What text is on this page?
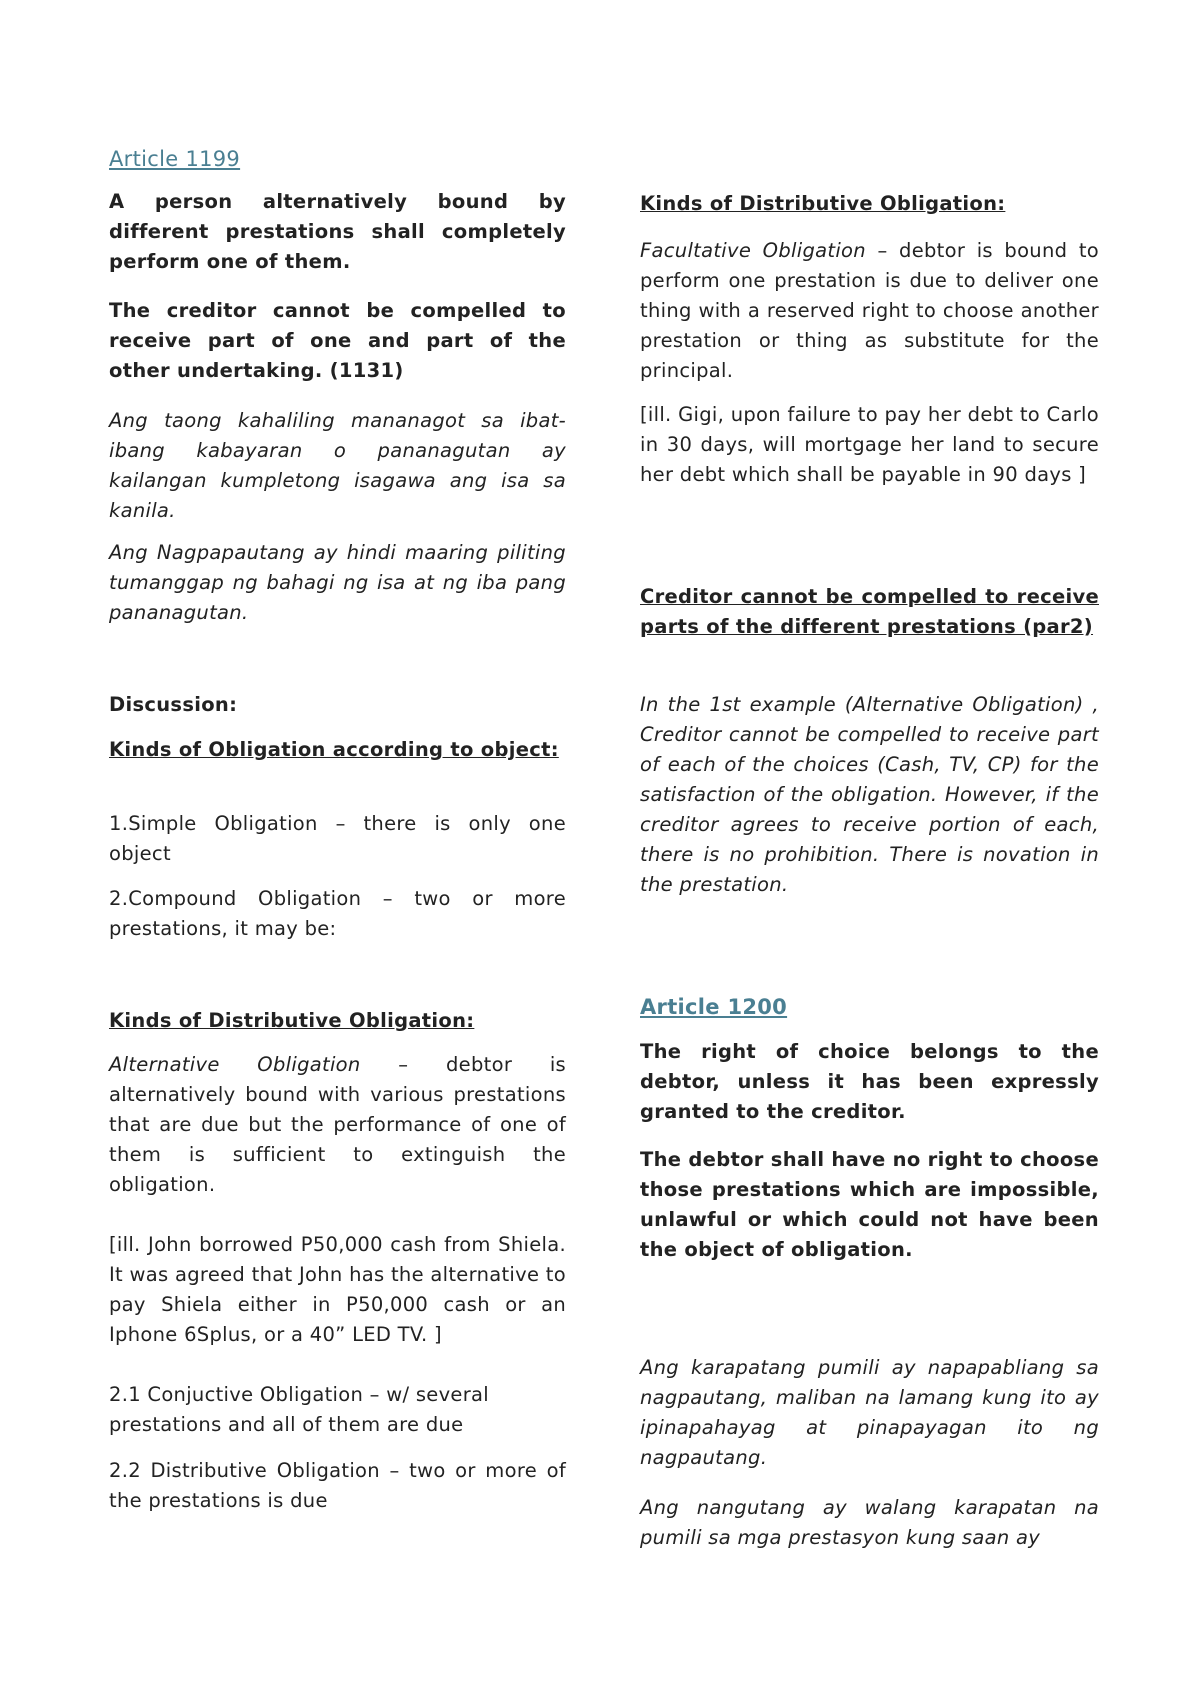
Article 1199

A person alternatively bound by different prestations shall completely perform one of them.

The creditor cannot be compelled to receive part of one and part of the other undertaking. (1131)

Ang taong kahaliling mananagot sa ibat-ibang kabayaran o pananagutan ay kailangan kumpletong isagawa ang isa sa kanila.

Ang Nagpapautang ay hindi maaring piliting tumanggap ng bahagi ng isa at ng iba pang pananagutan.

Discussion:

Kinds of Obligation according to object:

1.Simple Obligation – there is only one object

2.Compound Obligation – two or more prestations, it may be:

Kinds of Distributive Obligation:

Alternative Obligation – debtor is alternatively bound with various prestations that are due but the performance of one of them is sufficient to extinguish the obligation.

[ill. John borrowed P50,000 cash from Shiela. It was agreed that John has the alternative to pay Shiela either in P50,000 cash or an Iphone 6Splus, or a 40” LED TV. ]

2.1 Conjuctive Obligation – w/ several prestations and all of them are due

2.2 Distributive Obligation – two or more of the prestations is due

Kinds of Distributive Obligation:

Facultative Obligation – debtor is bound to perform one prestation is due to deliver one thing with a reserved right to choose another prestation or thing as substitute for the principal.

[ill. Gigi, upon failure to pay her debt to Carlo in 30 days, will mortgage her land to secure her debt which shall be payable in 90 days ]

Creditor cannot be compelled to receive parts of the different prestations (par2)

In the 1st example (Alternative Obligation) , Creditor cannot be compelled to receive part of each of the choices (Cash, TV, CP) for the satisfaction of the obligation. However, if the creditor agrees to receive portion of each, there is no prohibition. There is novation in the prestation.

Article 1200

The right of choice belongs to the debtor, unless it has been expressly granted to the creditor.

The debtor shall have no right to choose those prestations which are impossible, unlawful or which could not have been the object of obligation.

Ang karapatang pumili ay napapabliang sa nagpautang, maliban na lamang kung ito ay ipinapahayag at pinapayagan ito ng nagpautang.

Ang nangutang ay walang karapatan na pumili sa mga prestasyon kung saan ay
